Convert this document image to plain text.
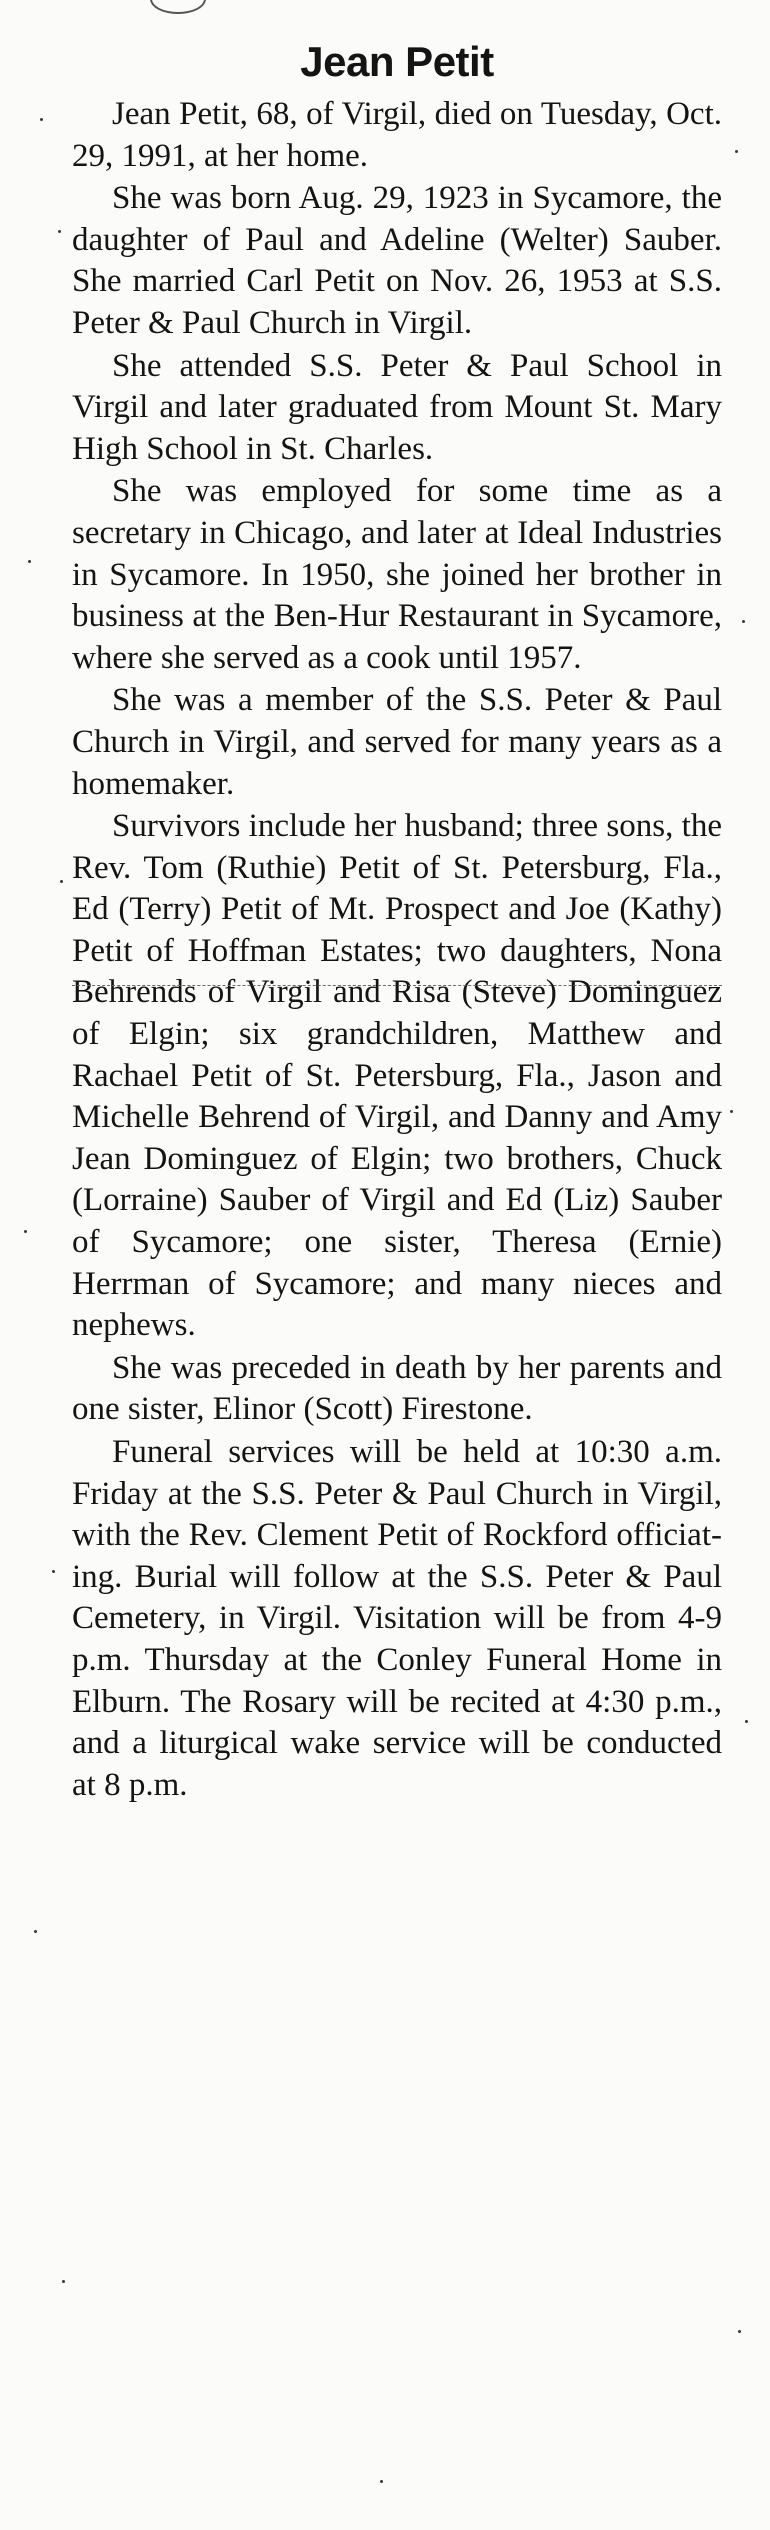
Jean Petit

Jean Petit, 68, of Virgil, died on Tuesday, Oct. 29, 1991, at her home.

She was born Aug. 29, 1923 in Sycamore, the daughter of Paul and Adeline (Welter) Sauber. She married Carl Petit on Nov. 26, 1953 at S.S. Peter & Paul Church in Virgil.

She attended S.S. Peter & Paul School in Virgil and later graduated from Mount St. Mary High School in St. Charles.

She was employed for some time as a secretary in Chicago, and later at Ideal Industries in Sycamore. In 1950, she joined her brother in business at the Ben-Hur Restaurant in Sycamore, where she served as a cook until 1957.

She was a member of the S.S. Peter & Paul Church in Virgil, and served for many years as a homemaker.

Survivors include her husband; three sons, the Rev. Tom (Ruthie) Petit of St. Petersburg, Fla., Ed (Terry) Petit of Mt. Prospect and Joe (Kathy) Petit of Hoffman Estates; two daughters, Nona Behrends of Virgil and Risa (Steve) Dominguez of Elgin; six grandchildren, Matthew and Rachael Petit of St. Petersburg, Fla., Jason and Michelle Behrend of Virgil, and Danny and Amy Jean Dominguez of Elgin; two brothers, Chuck (Lorraine) Sauber of Virgil and Ed (Liz) Sauber of Sycamore; one sister, Theresa (Ernie) Herrman of Sycamore; and many nieces and nephews.

She was preceded in death by her parents and one sister, Elinor (Scott) Firestone.

Funeral services will be held at 10:30 a.m. Friday at the S.S. Peter & Paul Church in Virgil, with the Rev. Clement Petit of Rockford officiating. Burial will follow at the S.S. Peter & Paul Cemetery, in Virgil. Visitation will be from 4-9 p.m. Thursday at the Conley Funeral Home in Elburn. The Rosary will be recited at 4:30 p.m., and a liturgical wake service will be conducted at 8 p.m.
